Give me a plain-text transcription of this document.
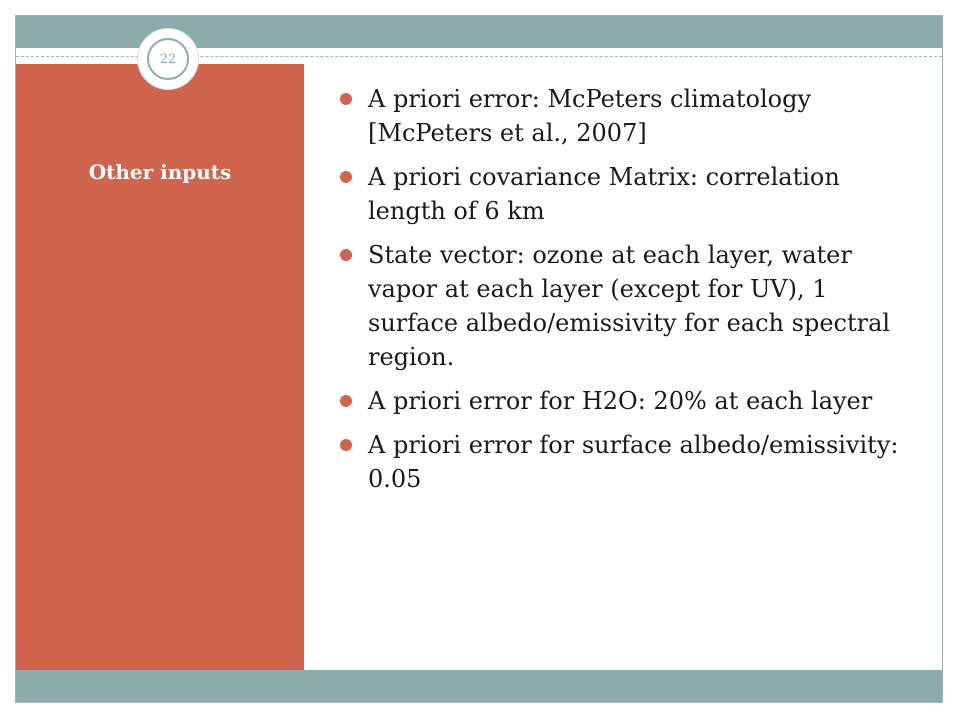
22
Other inputs
A priori error: McPeters climatology [McPeters et al., 2007]
A priori covariance Matrix: correlation length of 6 km
State vector: ozone at each layer, water vapor at each layer (except for UV), 1 surface albedo/emissivity for each spectral region.
A priori error for H2O: 20% at each layer
A priori error for surface albedo/emissivity: 0.05
